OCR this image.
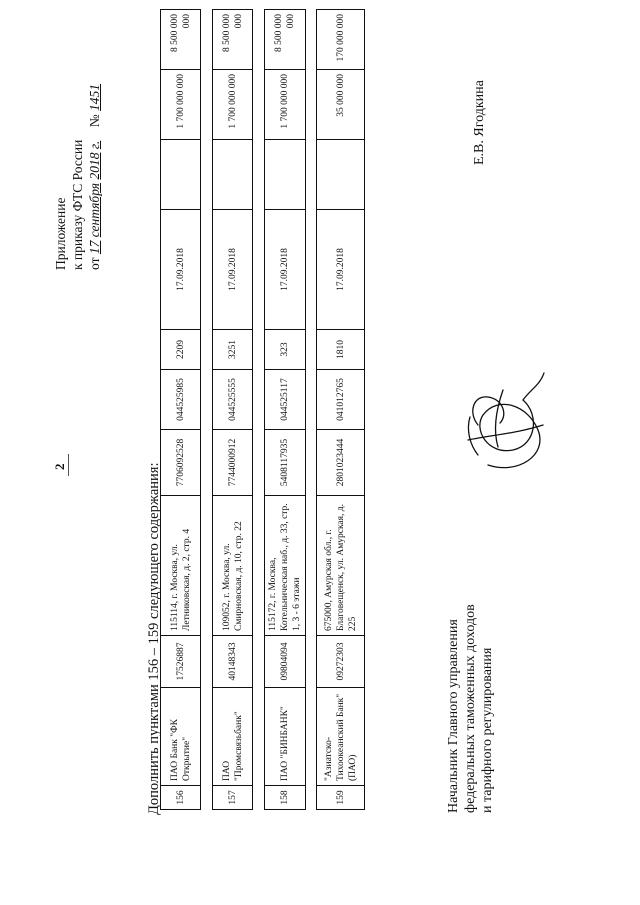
2
Приложение к приказу ФТС России от 17 сентября 2018 г.    № 1451
Дополнить пунктами 156 – 159 следующего содержания: 156	ПАО Банк "ФК Открытие"	17526887	115114, г. Москва, ул. Летниковская, д. 2, стр. 4	7706092528	044525985	2209	17.09.2018		1 700 000 000	8 500 000 000
157	ПАО "Промсвязьбанк"	40148343	109052, г. Москва, ул. Смирновская, д. 10, стр. 22	7744000912	044525555	3251	17.09.2018		1 700 000 000	8 500 000 000
158	ПАО "БИНБАНК"	09804094	115172, г. Москва, Котельническая наб., д. 33, стр. 1, 3 - 6 этажи	5408117935	044525117	323	17.09.2018		1 700 000 000	8 500 000 000
159	"Азиатско-Тихоокеанский Банк" (ПАО)	09272303	675000, Амурская обл., г. Благовещенск, ул. Амурская, д. 225	2801023444	041012765	1810	17.09.2018		35 000 000	170 000 000
Начальник Главного управления федеральных таможенных доходов и тарифного регулирования
Е.В. Ягодкина
